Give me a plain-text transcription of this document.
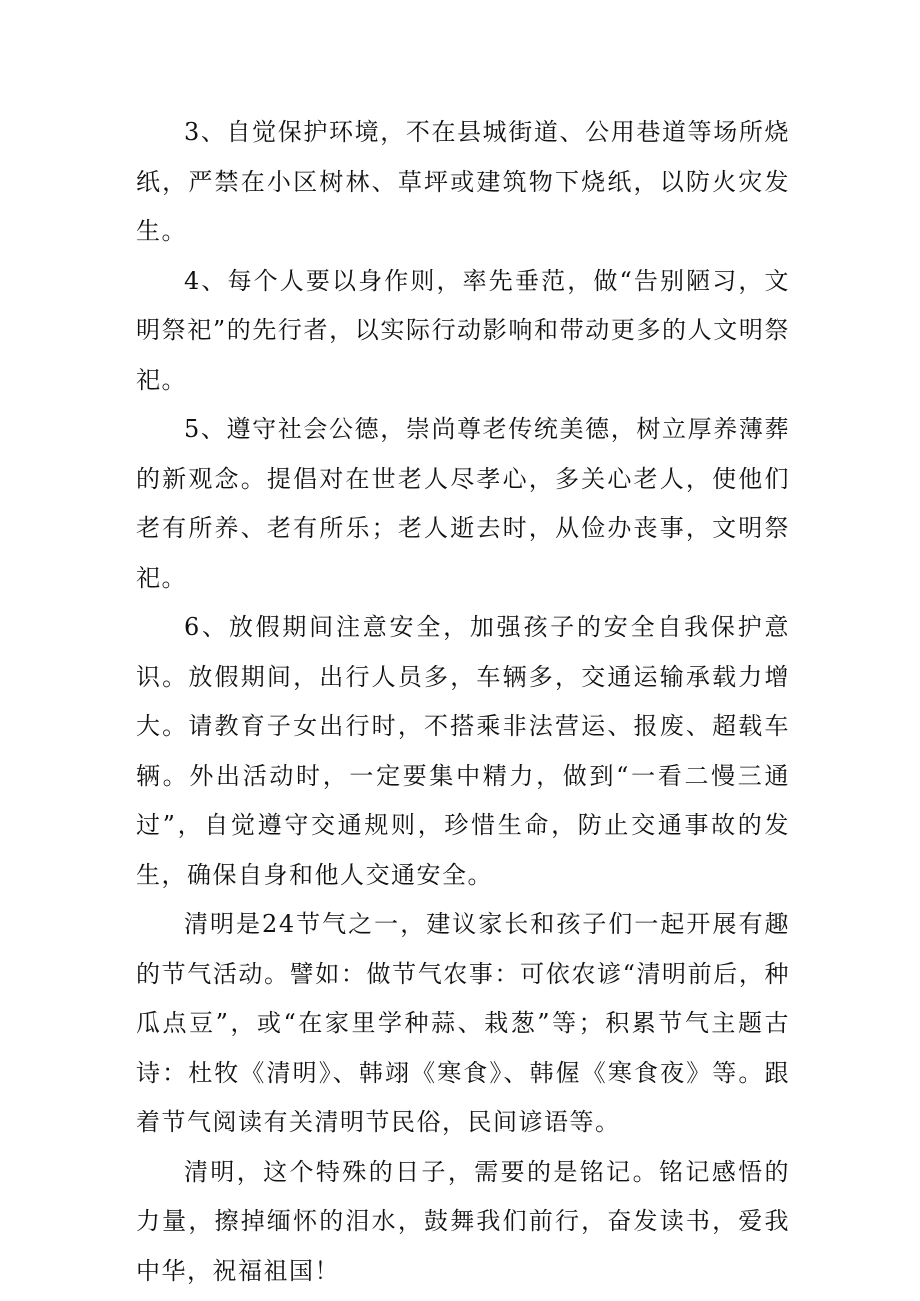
3、自觉保护环境，不在县城街道、公用巷道等场所烧纸，严禁在小区树林、草坪或建筑物下烧纸，以防火灾发生。

4、每个人要以身作则，率先垂范，做“告别陋习，文明祭祀”的先行者，以实际行动影响和带动更多的人文明祭祀。

5、遵守社会公德，崇尚尊老传统美德，树立厚养薄葬的新观念。提倡对在世老人尽孝心，多关心老人，使他们老有所养、老有所乐；老人逝去时，从俭办丧事，文明祭祀。

6、放假期间注意安全，加强孩子的安全自我保护意识。放假期间，出行人员多，车辆多，交通运输承载力增大。请教育子女出行时，不搭乘非法营运、报废、超载车辆。外出活动时，一定要集中精力，做到“一看二慢三通过”，自觉遵守交通规则，珍惜生命，防止交通事故的发生，确保自身和他人交通安全。

清明是24节气之一，建议家长和孩子们一起开展有趣的节气活动。譬如：做节气农事：可依农谚“清明前后，种瓜点豆”，或“在家里学种蒜、栽葱”等；积累节气主题古诗：杜牧《清明》、韩翊《寒食》、韩偓《寒食夜》等。跟着节气阅读有关清明节民俗，民间谚语等。

清明，这个特殊的日子，需要的是铭记。铭记感悟的力量，擦掉缅怀的泪水，鼓舞我们前行，奋发读书，爱我中华，祝福祖国！
